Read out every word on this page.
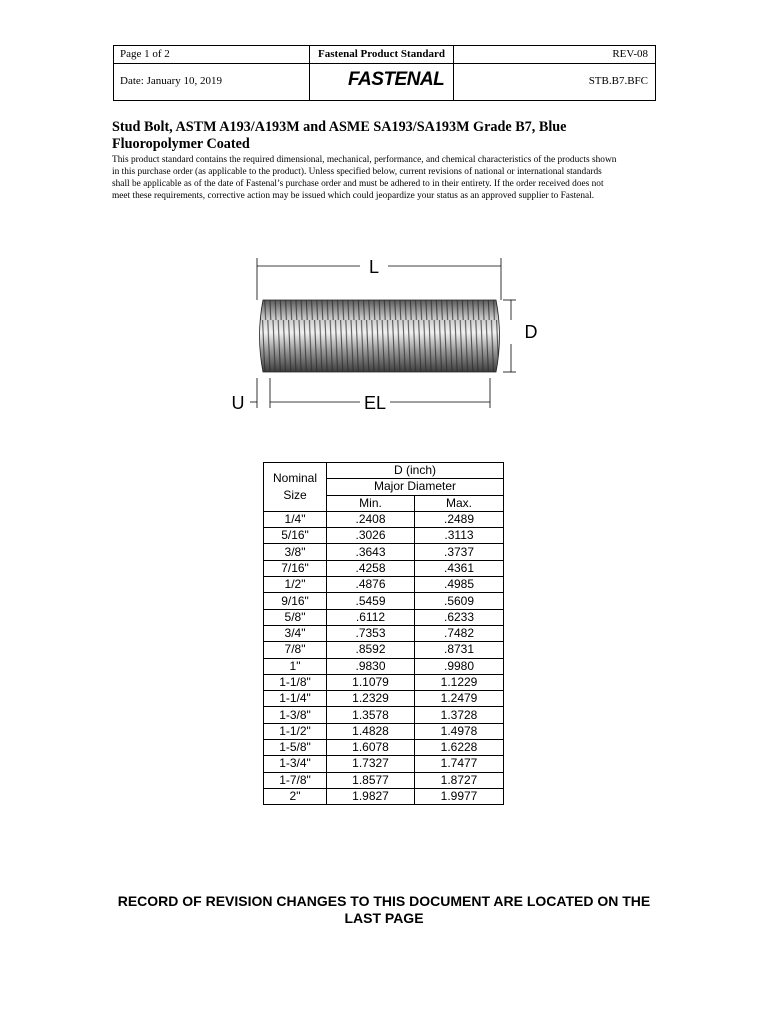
Page 1 of 2	Fastenal Product Standard	REV-08
Date: January 10, 2019	FASTENAL	STB.B7.BFC
Stud Bolt, ASTM A193/A193M and ASME SA193/SA193M Grade B7, Blue
Fluoropolymer Coated
This product standard contains the required dimensional, mechanical, performance, and chemical characteristics of the products shown
in this purchase order (as applicable to the product). Unless specified below, current revisions of national or international standards
shall be applicable as of the date of Fastenal’s purchase order and must be adhered to in their entirety. If the order received does not
meet these requirements, corrective action may be issued which could jeopardize your status as an approved supplier to Fastenal.
L
D
U	EL
Nominal Size	D (inch)	
	Major Diameter	
	Min.	Max.
1/4"	.2408	.2489
5/16"	.3026	.3113
3/8"	.3643	.3737
7/16"	.4258	.4361
1/2"	.4876	.4985
9/16"	.5459	.5609
5/8"	.6112	.6233
3/4"	.7353	.7482
7/8"	.8592	.8731
1"	.9830	.9980
1-1/8"	1.1079	1.1229
1-1/4"	1.2329	1.2479
1-3/8"	1.3578	1.3728
1-1/2"	1.4828	1.4978
1-5/8"	1.6078	1.6228
1-3/4"	1.7327	1.7477
1-7/8"	1.8577	1.8727
2"	1.9827	1.9977
RECORD OF REVISION CHANGES TO THIS DOCUMENT ARE LOCATED ON THE
LAST PAGE
